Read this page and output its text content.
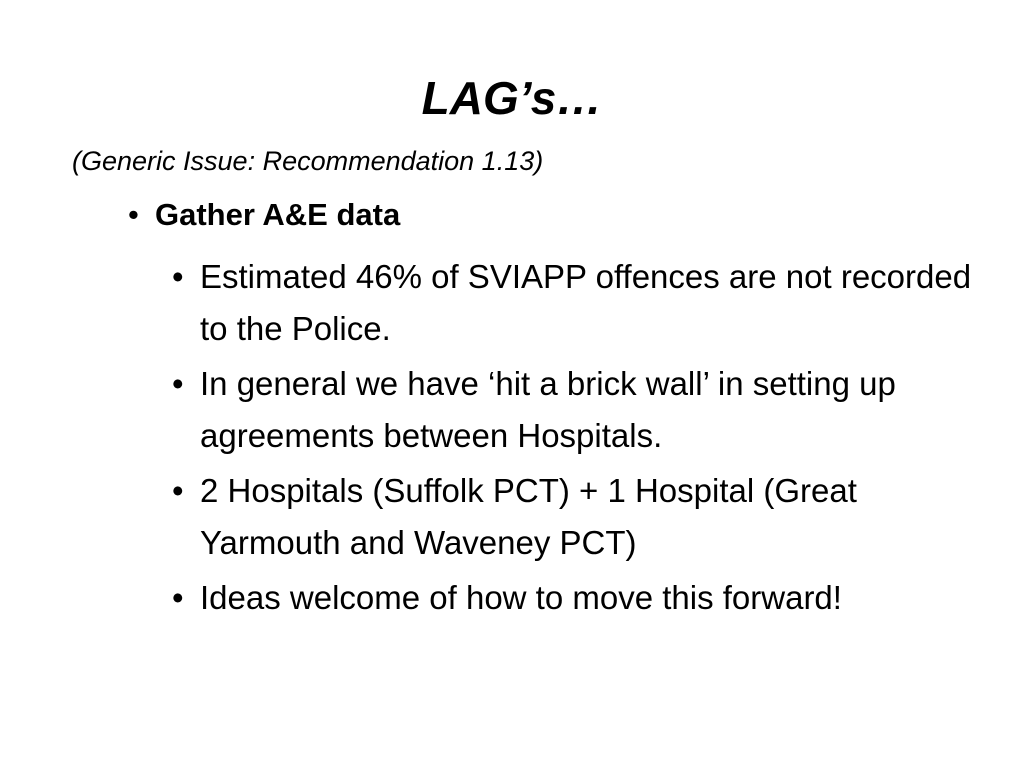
LAG’s…

(Generic Issue: Recommendation 1.13)

• Gather A&E data
• Estimated 46% of SVIAPP offences are not recorded to the Police.
• In general we have ‘hit a brick wall’ in setting up agreements between Hospitals.
• 2 Hospitals (Suffolk PCT) + 1 Hospital (Great Yarmouth and Waveney PCT)
• Ideas welcome of how to move this forward!
